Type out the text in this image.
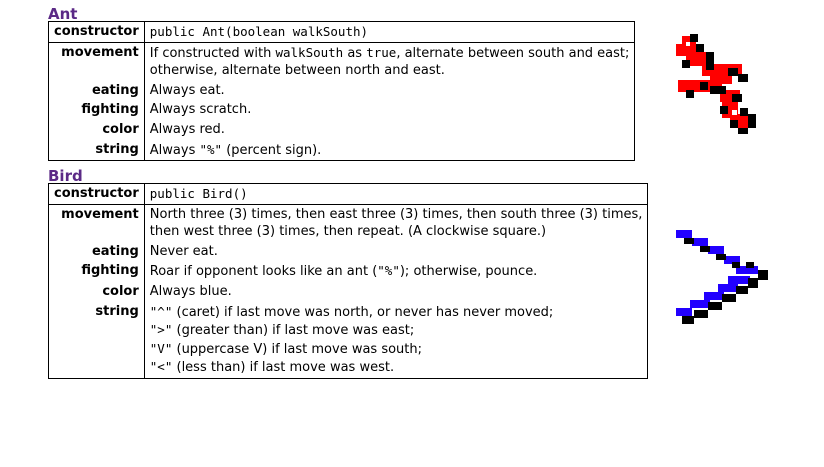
Ant
constructor	public Ant(boolean walkSouth)
movement	If constructed with walkSouth as true, alternate between south and east;
otherwise, alternate between north and east.
eating	Always eat.
fighting	Always scratch.
color	Always red.
string	Always "%" (percent sign).
Bird
constructor	public Bird()
movement	North three (3) times, then east three (3) times, then south three (3) times,
then west three (3) times, then repeat. (A clockwise square.)
eating	Never eat.
fighting	Roar if opponent looks like an ant ("%"); otherwise, pounce.
color	Always blue.
string	"^" (caret) if last move was north, or never has never moved;
">" (greater than) if last move was east;
"V" (uppercase V) if last move was south;
"<" (less than) if last move was west.
